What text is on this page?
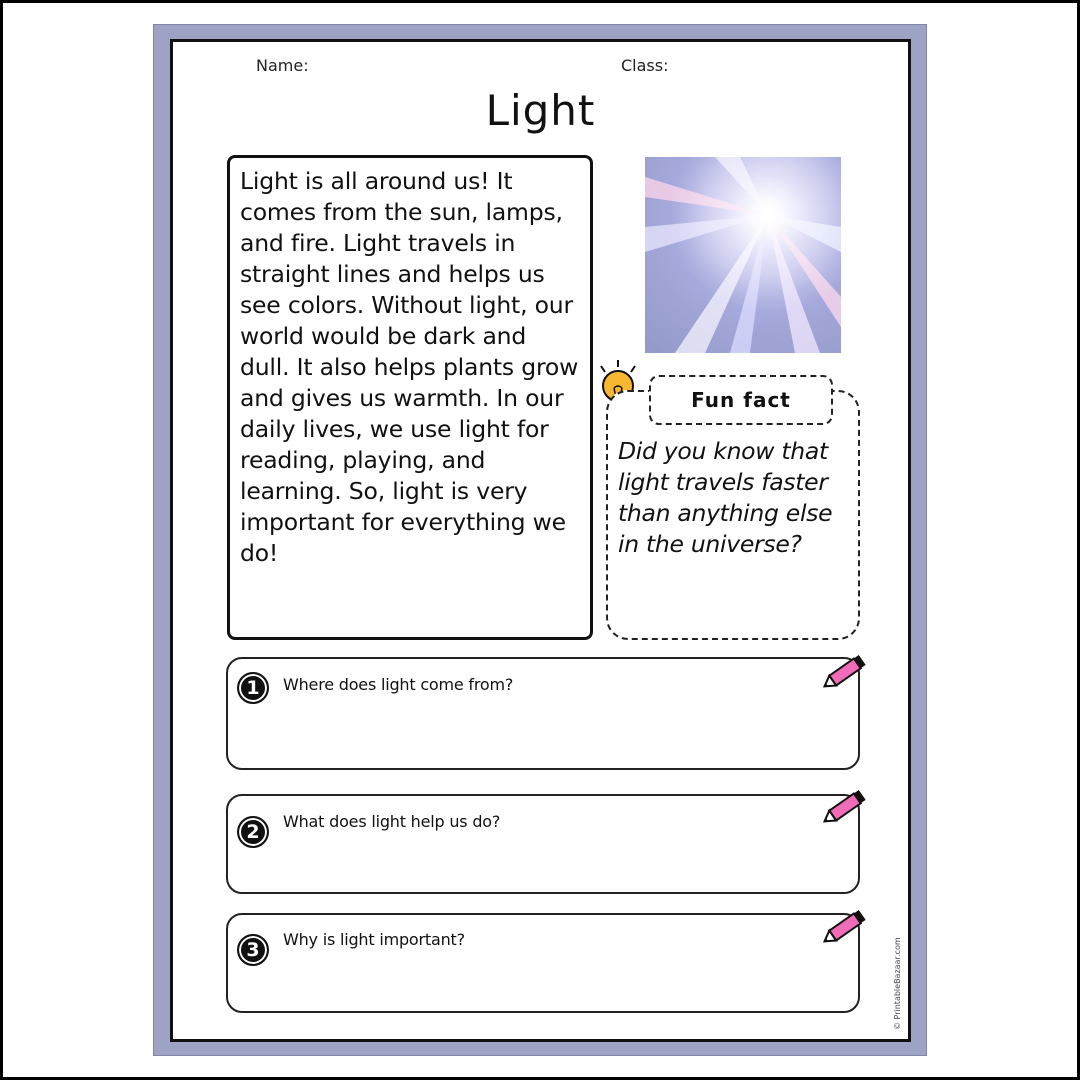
Name:	Class:
Light
Light is all around us! It comes from the sun, lamps, and fire. Light travels in straight lines and helps us see colors. Without light, our world would be dark and dull. It also helps plants grow and gives us warmth. In our daily lives, we use light for reading, playing, and learning. So, light is very important for everything we do!
Fun fact
Did you know that light travels faster than anything else in the universe?
1 Where does light come from?
2 What does light help us do?
3 Why is light important?	© PrintableBazaar.com
